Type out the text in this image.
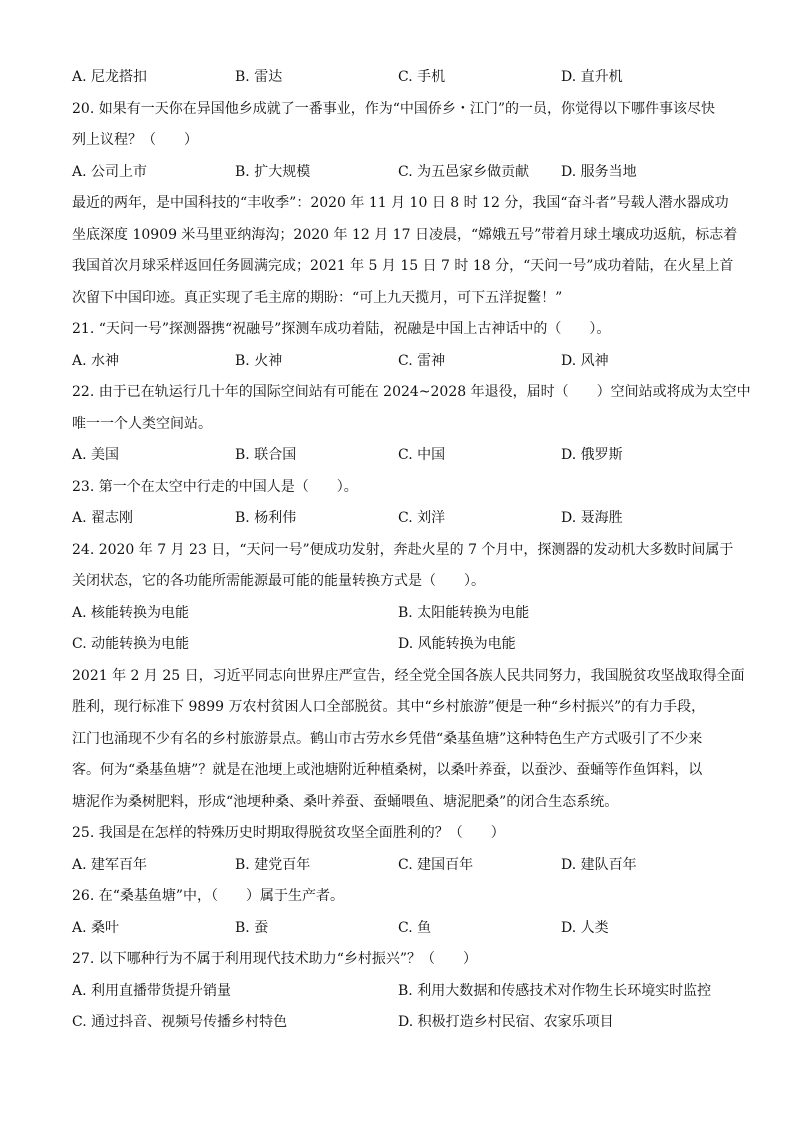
A. 尼龙搭扣	B. 雷达	C. 手机	D. 直升机
20. 如果有一天你在异国他乡成就了一番事业，作为“中国侨乡・江门”的一员，你觉得以下哪件事该尽快
列上议程？（　　）
A. 公司上市	B. 扩大规模	C. 为五邑家乡做贡献	D. 服务当地
最近的两年，是中国科技的“丰收季”：2020 年 11 月 10 日 8 时 12 分，我国“奋斗者”号载人潜水器成功
坐底深度 10909 米马里亚纳海沟；2020 年 12 月 17 日凌晨，“嫦娥五号”带着月球土壤成功返航，标志着
我国首次月球采样返回任务圆满完成；2021 年 5 月 15 日 7 时 18 分，“天问一号”成功着陆，在火星上首
次留下中国印迹。真正实现了毛主席的期盼：“可上九天揽月，可下五洋捉鳖！”
21. “天问一号”探测器携“祝融号”探测车成功着陆，祝融是中国上古神话中的（　　）。
A. 水神	B. 火神	C. 雷神	D. 风神
22. 由于已在轨运行几十年的国际空间站有可能在 2024~2028 年退役，届时（　　）空间站或将成为太空中
唯一一个人类空间站。
A. 美国	B. 联合国	C. 中国	D. 俄罗斯
23. 第一个在太空中行走的中国人是（　　）。
A. 翟志刚	B. 杨利伟	C. 刘洋	D. 聂海胜
24. 2020 年 7 月 23 日，“天问一号”便成功发射，奔赴火星的 7 个月中，探测器的发动机大多数时间属于
关闭状态，它的各功能所需能源最可能的能量转换方式是（　　）。
A. 核能转换为电能	B. 太阳能转换为电能
C. 动能转换为电能	D. 风能转换为电能
2021 年 2 月 25 日，习近平同志向世界庄严宣告，经全党全国各族人民共同努力，我国脱贫攻坚战取得全面
胜利，现行标准下 9899 万农村贫困人口全部脱贫。其中“乡村旅游”便是一种“乡村振兴”的有力手段，
江门也涌现不少有名的乡村旅游景点。鹤山市古劳水乡凭借“桑基鱼塘”这种特色生产方式吸引了不少来
客。何为“桑基鱼塘”？就是在池埂上或池塘附近种植桑树，以桑叶养蚕，以蚕沙、蚕蛹等作鱼饵料，以
塘泥作为桑树肥料，形成“池埂种桑、桑叶养蚕、蚕蛹喂鱼、塘泥肥桑”的闭合生态系统。
25. 我国是在怎样的特殊历史时期取得脱贫攻坚全面胜利的？（　　）
A. 建军百年	B. 建党百年	C. 建国百年	D. 建队百年
26. 在“桑基鱼塘”中，（　　）属于生产者。
A. 桑叶	B. 蚕	C. 鱼	D. 人类
27. 以下哪种行为不属于利用现代技术助力“乡村振兴”？（　　）
A. 利用直播带货提升销量	B. 利用大数据和传感技术对作物生长环境实时监控
C. 通过抖音、视频号传播乡村特色	D. 积极打造乡村民宿、农家乐项目
